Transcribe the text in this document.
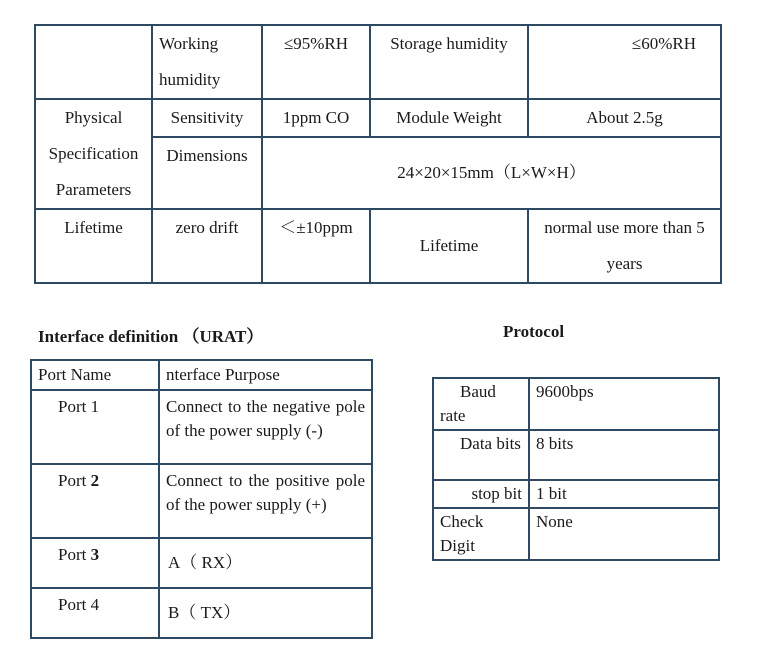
	Working humidity	≤95%RH	Storage humidity	≤60%RH
Physical Specification Parameters	Sensitivity	1ppm CO	Module Weight	About 2.5g
	Dimensions	24×20×15mm（L×W×H）		
Lifetime	zero drift	＜±10ppm	Lifetime	normal use more than 5 years
Interface definition （URAT）	Protocol
Port Name	nterface Purpose
Port 1	Connect to the negative pole of the power supply (-)
Port 2	Connect to the positive pole of the power supply (+)
Port 3	A（ RX）
Port 4	B（ TX）
Baud rate	9600bps
Data bits	8 bits
stop bit	1 bit
Check Digit	None
